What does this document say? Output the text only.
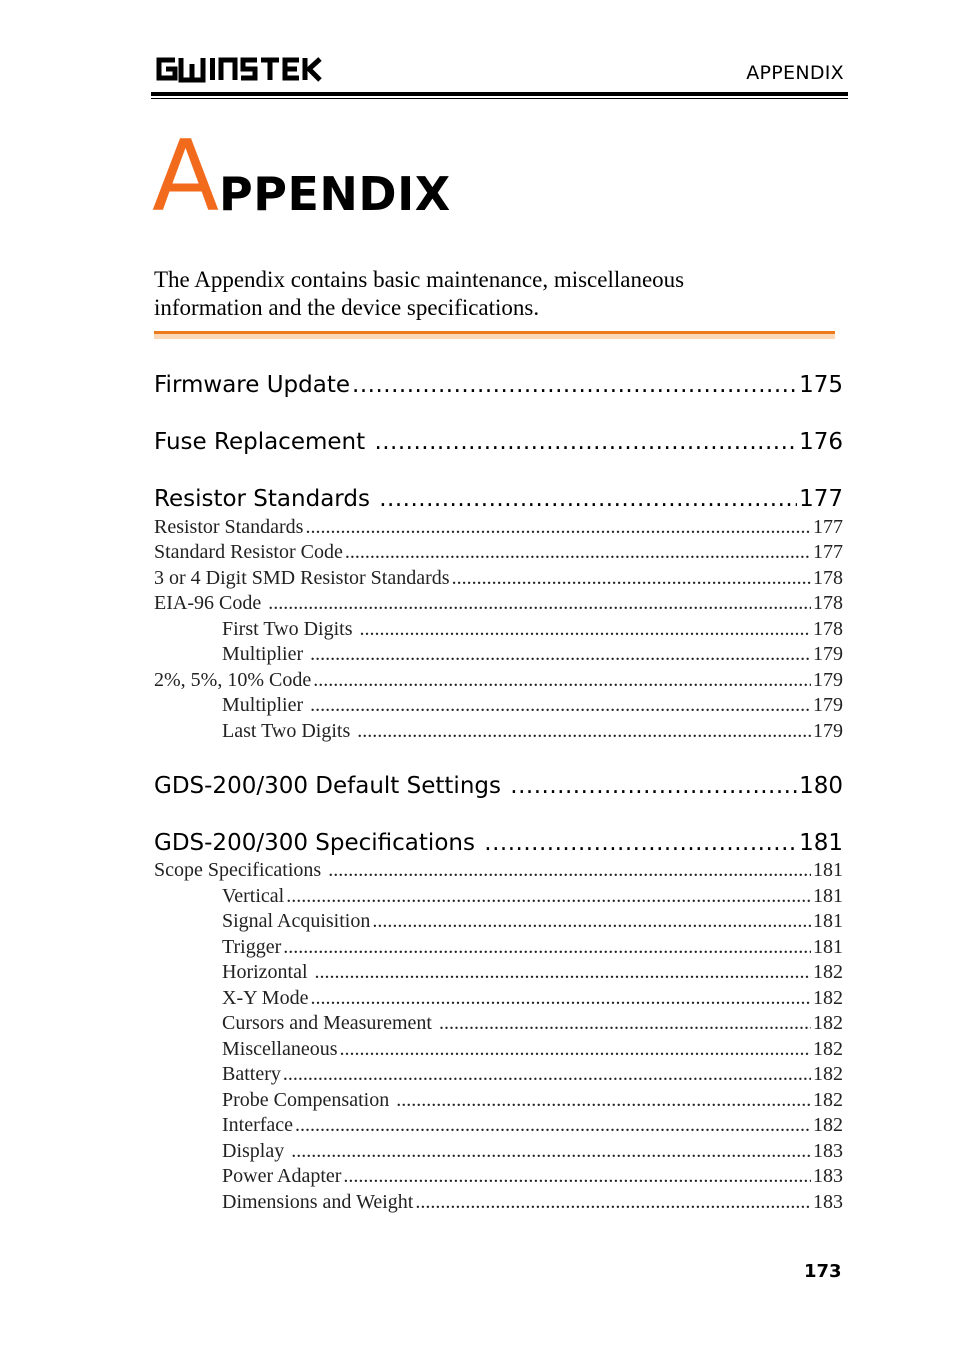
APPENDIX
APPENDIX
The Appendix contains basic maintenance, miscellaneous information and the device specifications.
Firmware Update .....	175
Fuse Replacement .....	176
Resistor Standards .....	177
Resistor Standards .....	177
Standard Resistor Code .....	177
3 or 4 Digit SMD Resistor Standards .....	178
EIA-96 Code .....	178
First Two Digits .....	178
Multiplier .....	179
2%, 5%, 10% Code .....	179
Multiplier .....	179
Last Two Digits .....	179
GDS-200/300 Default Settings .....	180
GDS-200/300 Specifications .....	181
Scope Specifications .....	181
Vertical .....	181
Signal Acquisition .....	181
Trigger .....	181
Horizontal .....	182
X-Y Mode .....	182
Cursors and Measurement .....	182
Miscellaneous .....	182
Battery .....	182
Probe Compensation .....	182
Interface .....	182
Display .....	183
Power Adapter .....	183
Dimensions and Weight .....	183
173
